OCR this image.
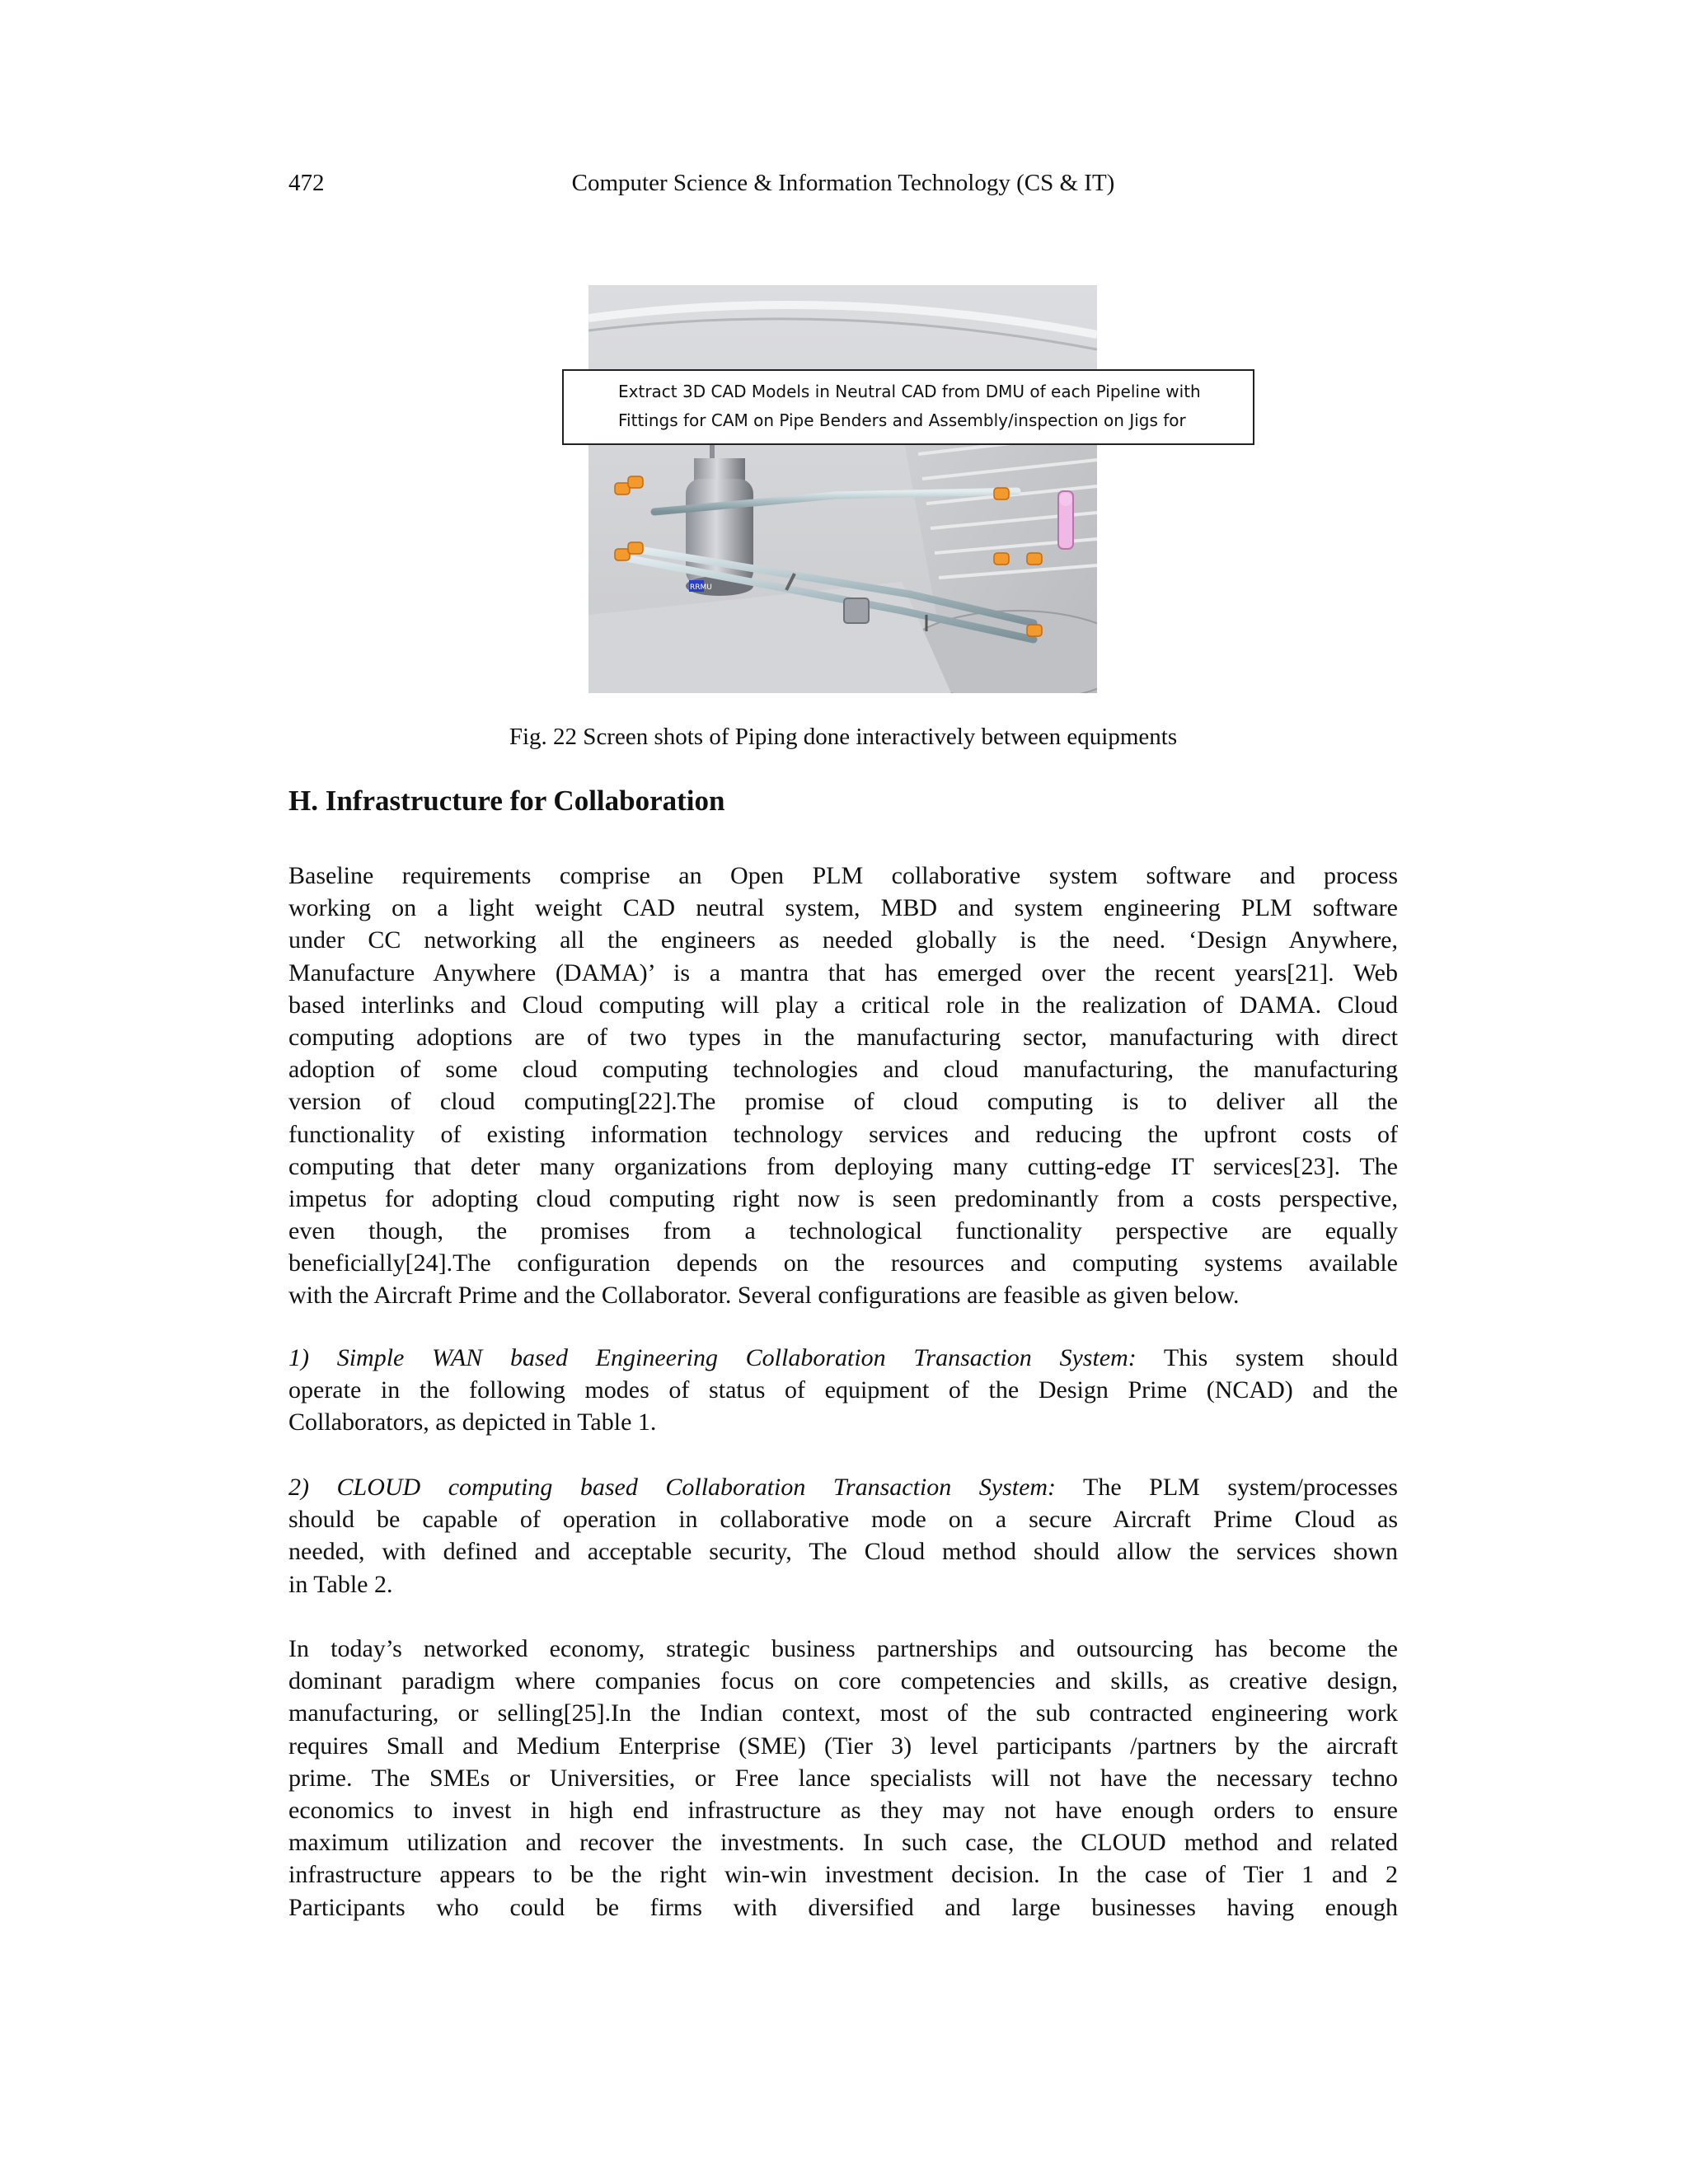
472	Computer Science & Information Technology (CS & IT)
RRMU
Extract 3D CAD Models in Neutral CAD from DMU of each Pipeline with
Fittings for CAM on Pipe Benders and Assembly/inspection on Jigs for
Fig. 22 Screen shots of Piping done interactively between equipments
H. Infrastructure for Collaboration
Baseline requirements comprise an Open PLM collaborative system software and process
working on a light weight CAD neutral system, MBD and system engineering PLM software
under CC networking all the engineers as needed globally is the need. ‘Design Anywhere,
Manufacture Anywhere (DAMA)’ is a mantra that has emerged over the recent years[21]. Web
based interlinks and Cloud computing will play a critical role in the realization of DAMA. Cloud
computing adoptions are of two types in the manufacturing sector, manufacturing with direct
adoption of some cloud computing technologies and cloud manufacturing, the manufacturing
version of cloud computing[22].The promise of cloud computing is to deliver all the
functionality of existing information technology services and reducing the upfront costs of
computing that deter many organizations from deploying many cutting-edge IT services[23]. The
impetus for adopting cloud computing right now is seen predominantly from a costs perspective,
even though, the promises from a technological functionality perspective are equally
beneficially[24].The configuration depends on the resources and computing systems available
with the Aircraft Prime and the Collaborator. Several configurations are feasible as given below.
1) Simple WAN based Engineering Collaboration Transaction System: This system should
operate in the following modes of status of equipment of the Design Prime (NCAD) and the
Collaborators, as depicted in Table 1.
2) CLOUD computing based Collaboration Transaction System: The PLM system/processes
should be capable of operation in collaborative mode on a secure Aircraft Prime Cloud as
needed, with defined and acceptable security, The Cloud method should allow the services shown
in Table 2.
In today’s networked economy, strategic business partnerships and outsourcing has become the
dominant paradigm where companies focus on core competencies and skills, as creative design,
manufacturing, or selling[25].In the Indian context, most of the sub contracted engineering work
requires Small and Medium Enterprise (SME) (Tier 3) level participants /partners by the aircraft
prime. The SMEs or Universities, or Free lance specialists will not have the necessary techno
economics to invest in high end infrastructure as they may not have enough orders to ensure
maximum utilization and recover the investments. In such case, the CLOUD method and related
infrastructure appears to be the right win-win investment decision. In the case of Tier 1 and 2
Participants who could be firms with diversified and large businesses having enough
